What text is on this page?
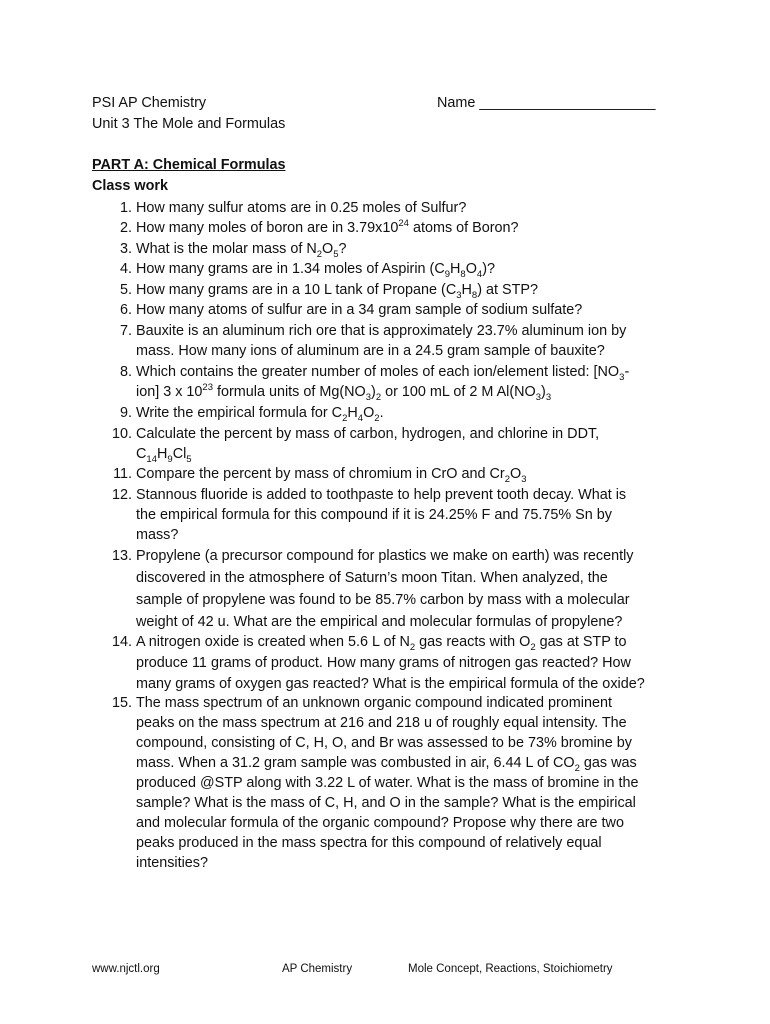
PSI AP Chemistry	Name ______________________
Unit 3 The Mole and Formulas
PART A: Chemical Formulas
Class work
1. How many sulfur atoms are in 0.25 moles of Sulfur?
2. How many moles of boron are in $3.79x10^{24}$ atoms of Boron?
3. What is the molar mass of $N_2O_5$?
4. How many grams are in 1.34 moles of Aspirin $(C_9H_8O_4)$?
5. How many grams are in a 10 L tank of Propane $(C_3H_8)$ at STP?
6. How many atoms of sulfur are in a 34 gram sample of sodium sulfate?
7. Bauxite is an aluminum rich ore that is approximately 23.7% aluminum ion by
mass. How many ions of aluminum are in a 24.5 gram sample of bauxite?
8. Which contains the greater number of moles of each ion/element listed: [$NO_3-$
ion] 3 x $10^{23}$ formula units of $Mg(NO_3)_2$ or 100 mL of 2 M $Al(NO_3)_3$
9. Write the empirical formula for $C_2H_4O_2$.
10. Calculate the percent by mass of carbon, hydrogen, and chlorine in DDT,
$C_{14}H_9Cl_5$
11. Compare the percent by mass of chromium in CrO and $Cr_2O_3$
12. Stannous fluoride is added to toothpaste to help prevent tooth decay. What is
the empirical formula for this compound if it is 24.25% F and 75.75% Sn by
mass?
13. Propylene (a precursor compound for plastics we make on earth) was recently
discovered in the atmosphere of Saturn’s moon Titan. When analyzed, the
sample of propylene was found to be 85.7% carbon by mass with a molecular
weight of 42 u. What are the empirical and molecular formulas of propylene?
14. A nitrogen oxide is created when 5.6 L of $N_2$ gas reacts with $O_2$ gas at STP to
produce 11 grams of product. How many grams of nitrogen gas reacted? How
many grams of oxygen gas reacted? What is the empirical formula of the oxide?
15. The mass spectrum of an unknown organic compound indicated prominent
peaks on the mass spectrum at 216 and 218 u of roughly equal intensity. The
compound, consisting of C, H, O, and Br was assessed to be 73% bromine by
mass. When a 31.2 gram sample was combusted in air, 6.44 L of $CO_2$ gas was
produced @STP along with 3.22 L of water. What is the mass of bromine in the
sample? What is the mass of C, H, and O in the sample? What is the empirical
and molecular formula of the organic compound? Propose why there are two
peaks produced in the mass spectra for this compound of relatively equal
intensities?
www.njctl.org	AP Chemistry	Mole Concept, Reactions, Stoichiometry
